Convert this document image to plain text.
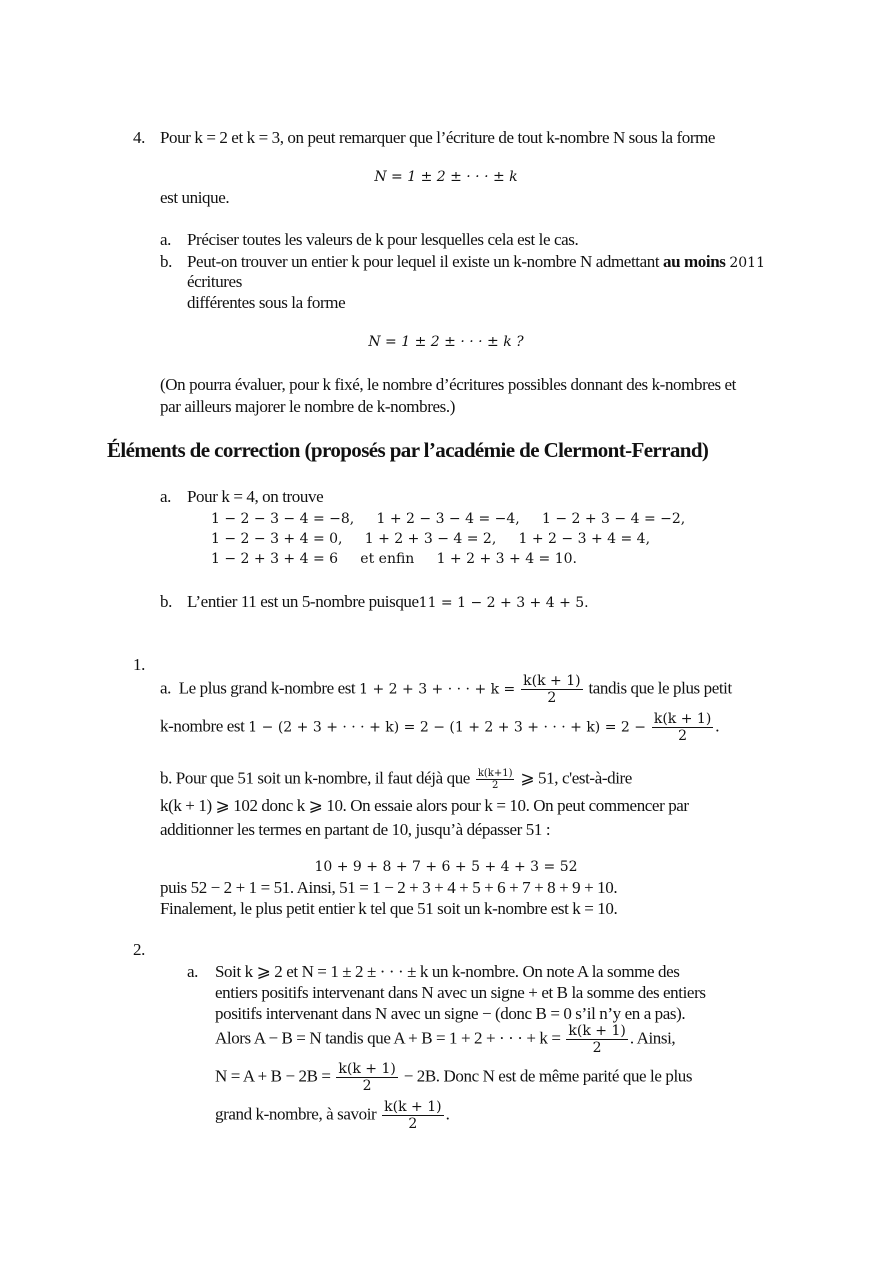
4. Pour k = 2 et k = 3, on peut remarquer que l’écriture de tout k-nombre N sous la forme
N = 1 ± 2 ± · · · ± k
est unique.
a. Préciser toutes les valeurs de k pour lesquelles cela est le cas.
b. Peut-on trouver un entier k pour lequel il existe un k-nombre N admettant au moins 2011
écritures
différentes sous la forme
N = 1 ± 2 ± · · · ± k ?
(On pourra évaluer, pour k fixé, le nombre d’écritures possibles donnant des k-nombres et
par ailleurs majorer le nombre de k-nombres.)
Éléments de correction (proposés par l’académie de Clermont-Ferrand)
a. Pour k = 4, on trouve
1 − 2 − 3 − 4 = −8,     1 + 2 − 3 − 4 = −4,     1 − 2 + 3 − 4 = −2,
1 − 2 − 3 + 4 = 0,     1 + 2 + 3 − 4 = 2,     1 + 2 − 3 + 4 = 4,
1 − 2 + 3 + 4 = 6     et enfin     1 + 2 + 3 + 4 = 10.
b. L’entier 11 est un 5-nombre puisque11 = 1 − 2 + 3 + 4 + 5.
1.
a. Le plus grand k-nombre est 1 + 2 + 3 + · · · + $k = \frac{k(k + 1)}{2}$ tandis que le plus petit
k-nombre est 1 − (2 + 3 + · · · + k) = 2 − (1 + 2 + 3 + · · · + $k) = 2 - \frac{k(k + 1)}{2}$ .
b. Pour que 51 soit un k-nombre, il faut déjà que $\frac{k(k+1)}{2}$ ⩾ 51, c'est-à-dire
k(k + 1) ⩾ 102 donc k ⩾ 10. On essaie alors pour k = 10. On peut commencer par
additionner les termes en partant de 10, jusqu’à dépasser 51 :
10 + 9 + 8 + 7 + 6 + 5 + 4 + 3 = 52
puis 52 − 2 + 1 = 51. Ainsi, 51 = 1 − 2 + 3 + 4 + 5 + 6 + 7 + 8 + 9 + 10.
Finalement, le plus petit entier k tel que 51 soit un k-nombre est k = 10.
2.
a. Soit k ⩾ 2 et N = 1 ± 2 ± · · · ± k un k-nombre. On note A la somme des
entiers positifs intervenant dans N avec un signe + et B la somme des entiers
positifs intervenant dans N avec un signe − (donc B = 0 s’il n’y en a pas).
Alors A − B = N tandis que A + B = 1 + 2 + · · · + $k = \frac{k(k + 1)}{2}$ . Ainsi,
$N = A + B - 2B = \frac{k(k + 1)}{2} - 2B$. Donc N est de même parité que le plus
grand k-nombre, à savoir $\frac{k(k + 1)}{2}$ .
